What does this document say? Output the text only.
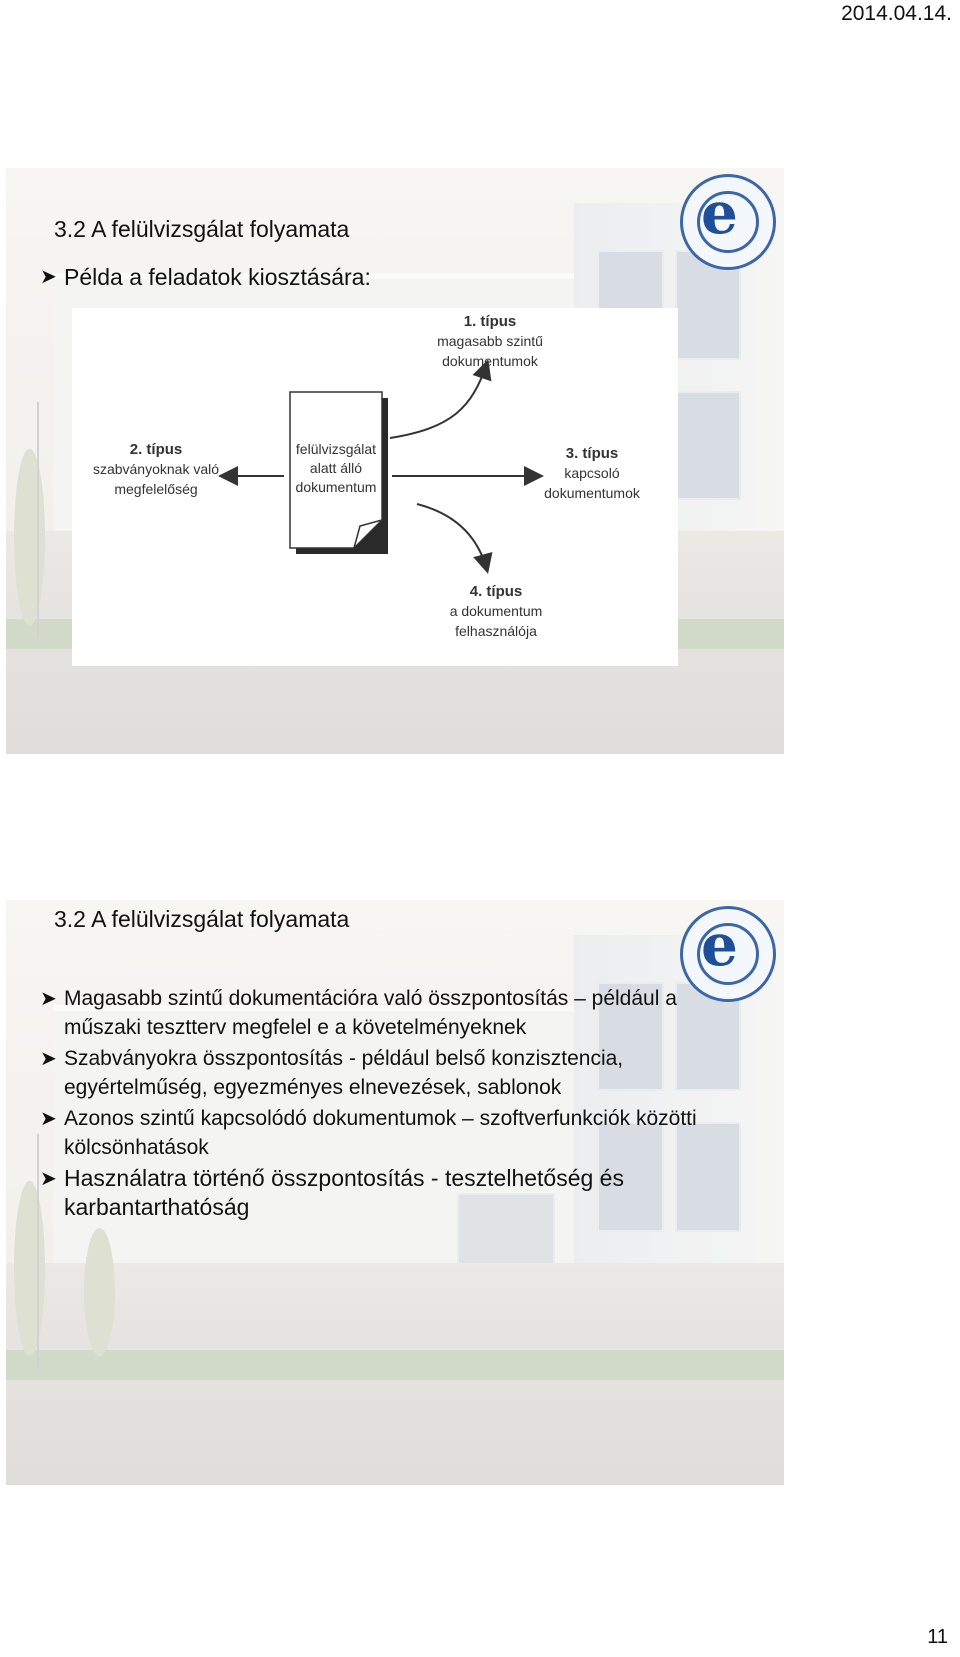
2014.04.14.
e
3.2 A felülvizsgálat folyamata
➤ Példa a feladatok kiosztására:
felülvizsgálat
alatt álló
dokumentum
1. típus
magasabb szintű
dokumentumok
2. típus
szabványoknak való
megfelelőség
3. típus
kapcsoló
dokumentumok
4. típus
a dokumentum
felhasználója
e
3.2 A felülvizsgálat folyamata
➤ Magasabb szintű dokumentációra való összpontosítás – például a műszaki tesztterv megfelel e a követelményeknek
➤ Szabványokra összpontosítás - például belső konzisztencia, egyértelműség, egyezményes elnevezések, sablonok
➤ Azonos szintű kapcsolódó dokumentumok – szoftverfunkciók közötti kölcsönhatások
➤ Használatra történő összpontosítás - tesztelhetőség és karbantarthatóság
11
